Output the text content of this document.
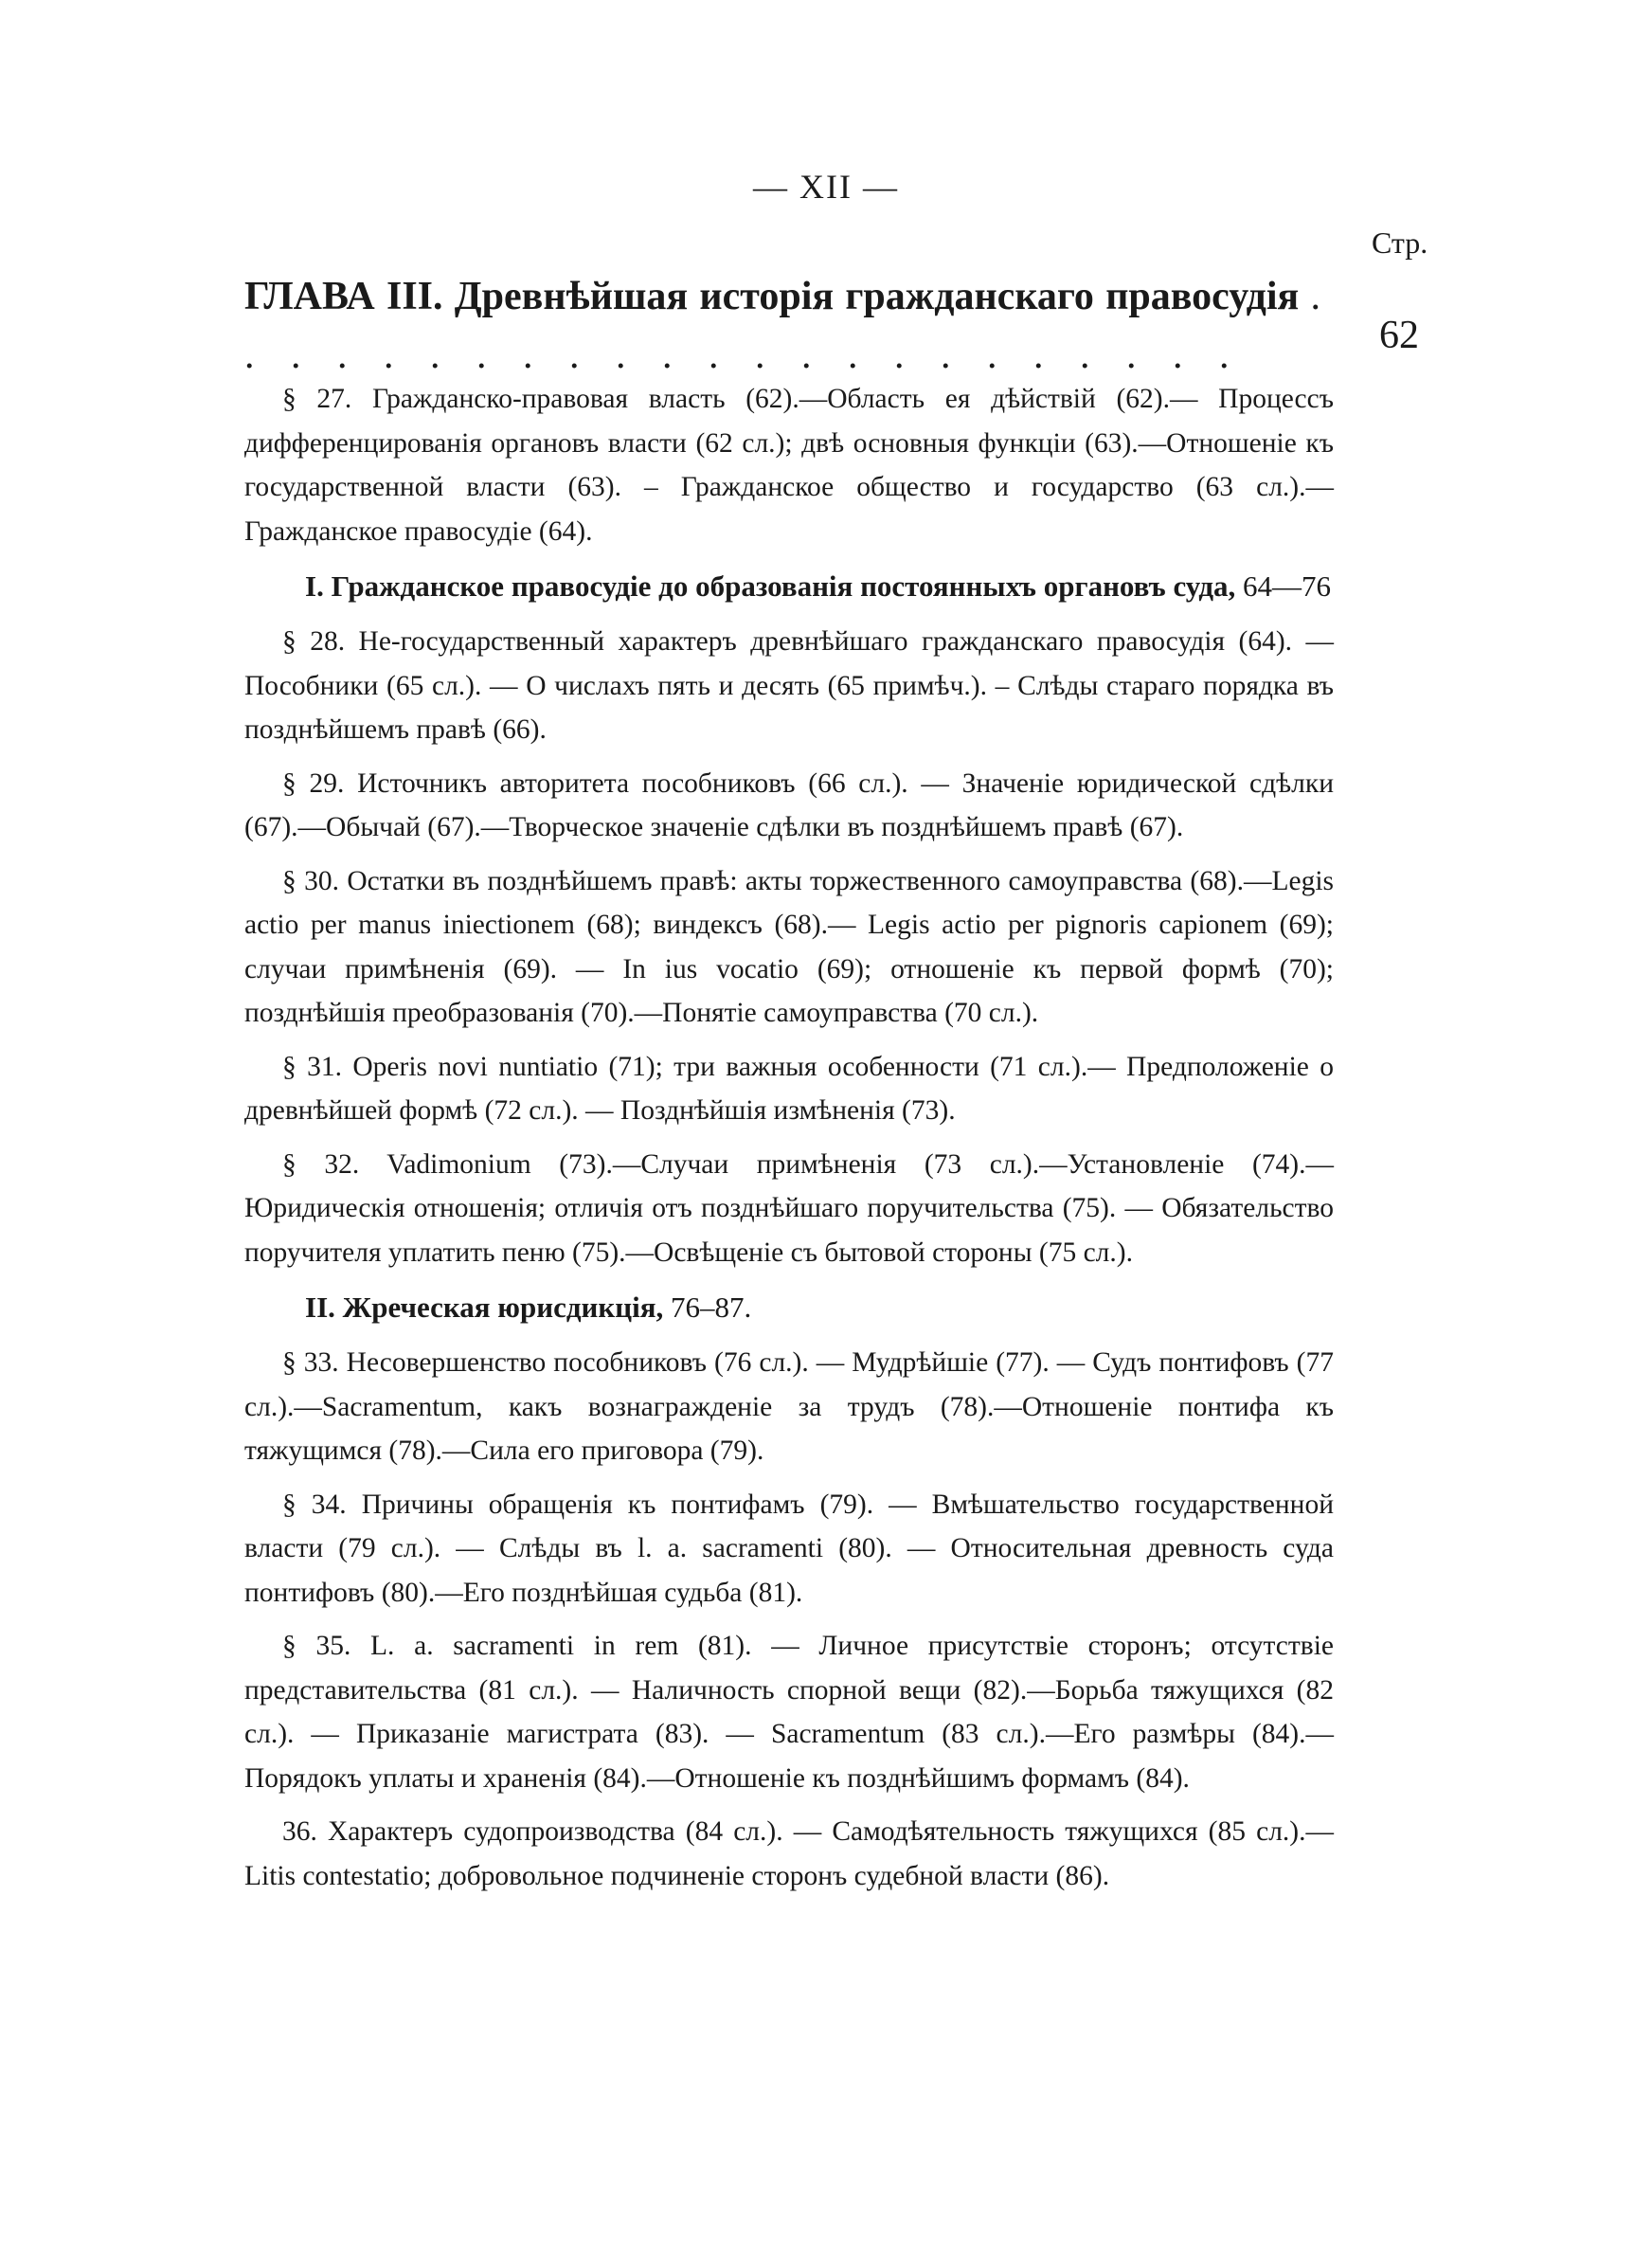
— XII —
Стр.
ГЛАВА III. Древнѣйшая исторія гражданскаго правосудія . . . . . . . . . . . . . . . . . . . . . . .	62

§ 27. Гражданско-правовая власть (62).—Область ея дѣйствій (62).— Процессъ дифференцированія органовъ власти (62 сл.); двѣ основныя функціи (63).—Отношеніе къ государственной власти (63). – Гражданское общество и государство (63 сл.).—Гражданское правосудіе (64).

I. Гражданское правосудіе до образованія постоянныхъ органовъ суда, 64—76

§ 28. Не-государственный характеръ древнѣйшаго гражданскаго правосудія (64). — Пособники (65 сл.). — О числахъ пять и десять (65 примѣч.). – Слѣды стараго порядка въ позднѣйшемъ правѣ (66).

§ 29. Источникъ авторитета пособниковъ (66 сл.). — Значеніе юридической сдѣлки (67).—Обычай (67).—Творческое значеніе сдѣлки въ позднѣйшемъ правѣ (67).

§ 30. Остатки въ позднѣйшемъ правѣ: акты торжественного самоуправства (68).—Legis actio per manus iniectionem (68); виндексъ (68).— Legis actio per pignoris capionem (69); случаи примѣненія (69). — In ius vocatio (69); отношеніе къ первой формѣ (70); позднѣйшія преобразованія (70).—Понятіе самоуправства (70 сл.).

§ 31. Operis novi nuntiatio (71); три важныя особенности (71 сл.).— Предположеніе о древнѣйшей формѣ (72 сл.). — Позднѣйшія измѣненія (73).

§ 32. Vadimonium (73).—Случаи примѣненія (73 сл.).—Установленіе (74).—Юридическія отношенія; отличія отъ позднѣйшаго поручительства (75). — Обязательство поручителя уплатить пеню (75).—Освѣщеніе съ бытовой стороны (75 сл.).

II. Жреческая юрисдикція, 76–87.

§ 33. Несовершенство пособниковъ (76 сл.). — Мудрѣйшіе (77). — Судъ понтифовъ (77 сл.).—Sacramentum, какъ вознагражденіе за трудъ (78).—Отношеніе понтифа къ тяжущимся (78).—Сила его приговора (79).

§ 34. Причины обращенія къ понтифамъ (79). — Вмѣшательство государственной власти (79 сл.). — Слѣды въ l. a. sacramenti (80). — Относительная древность суда понтифовъ (80).—Его позднѣйшая судьба (81).

§ 35. L. a. sacramenti in rem (81). — Личное присутствіе сторонъ; отсутствіе представительства (81 сл.). — Наличность спорной вещи (82).—Борьба тяжущихся (82 сл.). — Приказаніе магистрата (83). — Sacramentum (83 сл.).—Его размѣры (84).—Порядокъ уплаты и храненія (84).—Отношеніе къ позднѣйшимъ формамъ (84).

36. Характеръ судопроизводства (84 сл.). — Самодѣятельность тяжущихся (85 сл.).—Litis contestatio; добровольное подчиненіе сторонъ судебной власти (86).
